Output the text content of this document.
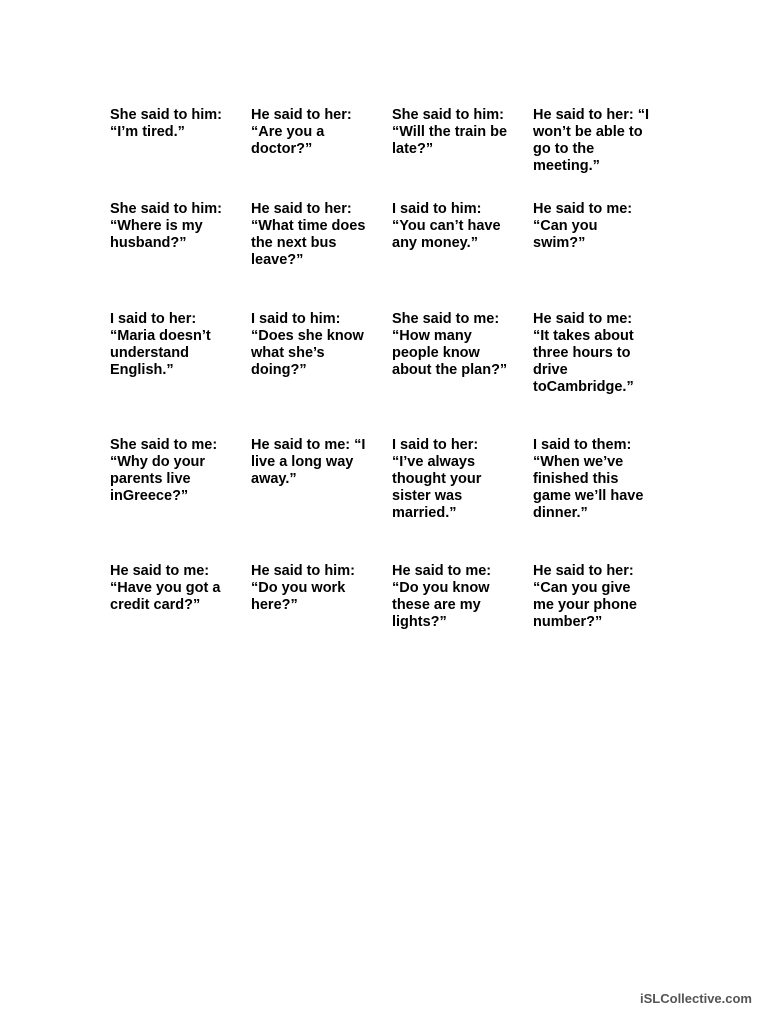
She said to him:
“I’m tired.”
He said to her:
“Are you a
doctor?”
She said to him:
“Will the train be
late?”
He said to her: “I
won’t be able to
go to the
meeting.”
She said to him:
“Where is my
husband?”
He said to her:
“What time does
the next bus
leave?”
I said to him:
“You can’t have
any money.”
He said to me:
“Can you
swim?”
I said to her:
“Maria doesn’t
understand
English.”
I said to him:
“Does she know
what she’s
doing?”
She said to me:
“How many
people know
about the plan?”
He said to me:
“It takes about
three hours to
drive
toCambridge.”
She said to me:
“Why do your
parents live
inGreece?”
He said to me: “I
live a long way
away.”
I said to her:
“I’ve always
thought your
sister was
married.”
I said to them:
“When we’ve
finished this
game we’ll have
dinner.”
He said to me:
“Have you got a
credit card?”
He said to him:
“Do you work
here?”
He said to me:
“Do you know
these are my
lights?”
He said to her:
“Can you give
me your phone
number?”
iSLCollective.com
